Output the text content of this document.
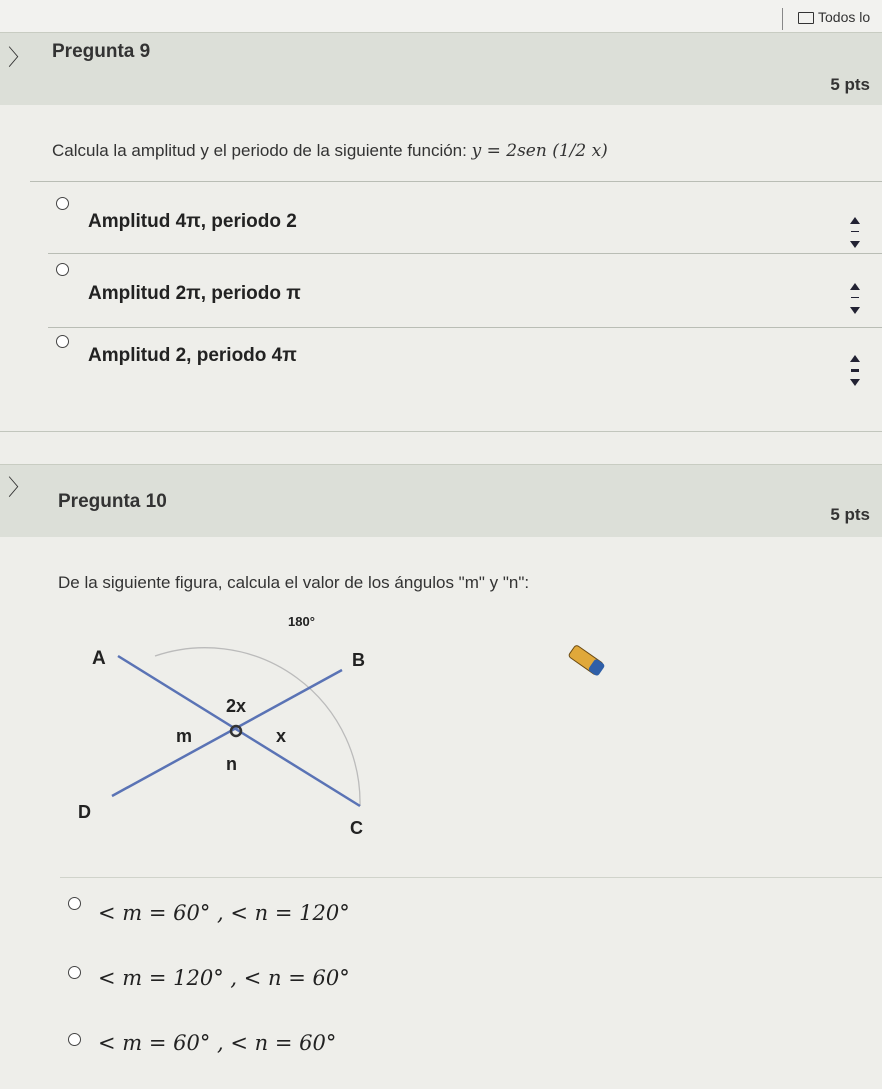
Todos lo
〉 Pregunta 9
5 pts
Calcula la amplitud y el periodo de la siguiente función: y = 2sen (1/2 x)
Amplitud 4π, periodo 2
Amplitud 2π, periodo π
Amplitud 2, periodo 4π
〉
Pregunta 10
5 pts
De la siguiente figura, calcula el valor de los ángulos "m" y "n":
180°
A	B
C
D
2x
m	x
n
< m = 60° , < n = 120°
< m = 120° , < n = 60°
< m = 60° , < n = 60°
